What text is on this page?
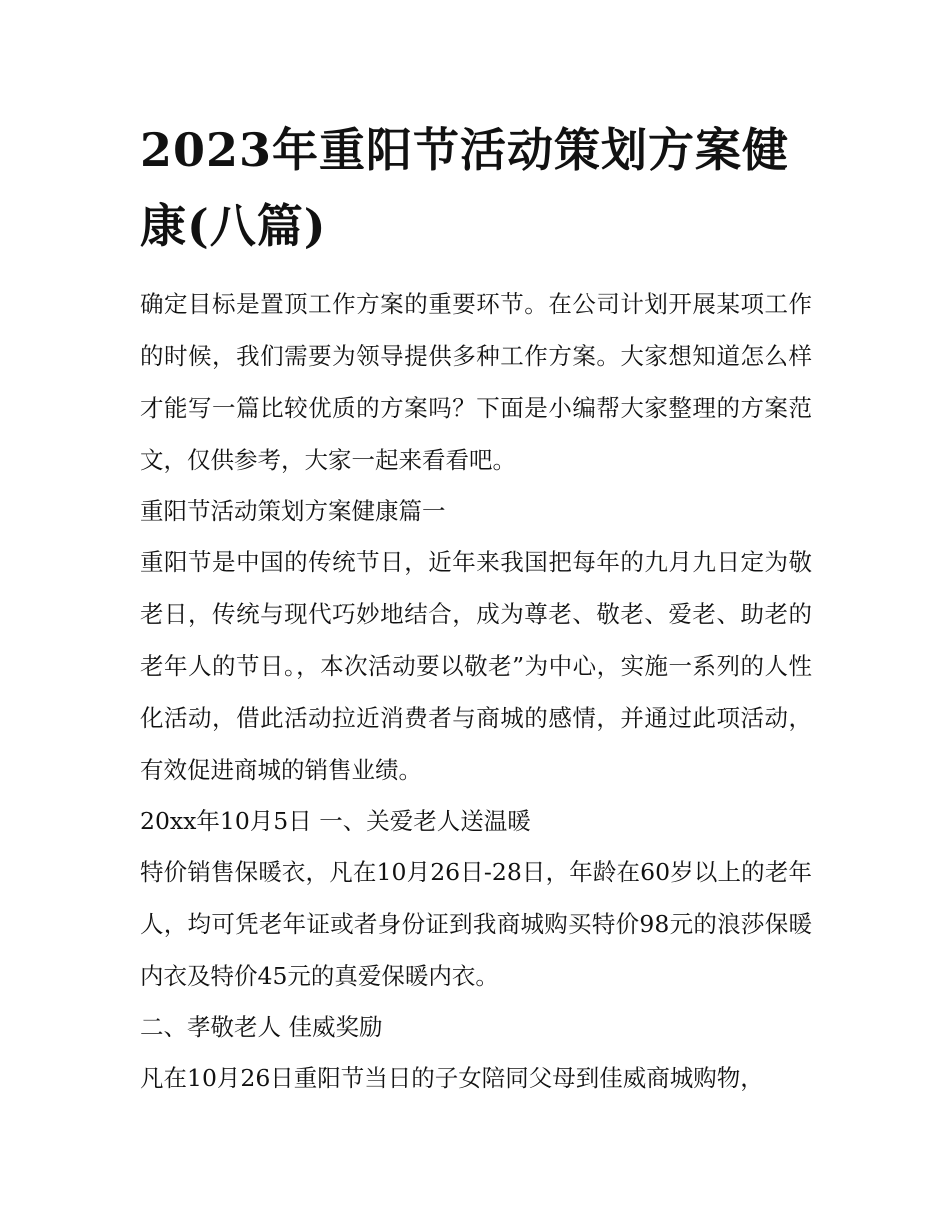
2023年重阳节活动策划方案健康(八篇)

确定目标是置顶工作方案的重要环节。在公司计划开展某项工作的时候，我们需要为领导提供多种工作方案。大家想知道怎么样才能写一篇比较优质的方案吗？下面是小编帮大家整理的方案范文，仅供参考，大家一起来看看吧。

重阳节活动策划方案健康篇一

重阳节是中国的传统节日，近年来我国把每年的九月九日定为敬老日，传统与现代巧妙地结合，成为尊老、敬老、爱老、助老的老年人的节日。，本次活动要以敬老”为中心，实施一系列的人性化活动，借此活动拉近消费者与商城的感情，并通过此项活动，有效促进商城的销售业绩。

20xx年10月5日 一、关爱老人送温暖

特价销售保暖衣，凡在10月26日-28日，年龄在60岁以上的老年人，均可凭老年证或者身份证到我商城购买特价98元的浪莎保暖内衣及特价45元的真爱保暖内衣。

二、孝敬老人 佳威奖励

凡在10月26日重阳节当日的子女陪同父母到佳威商城购物，
